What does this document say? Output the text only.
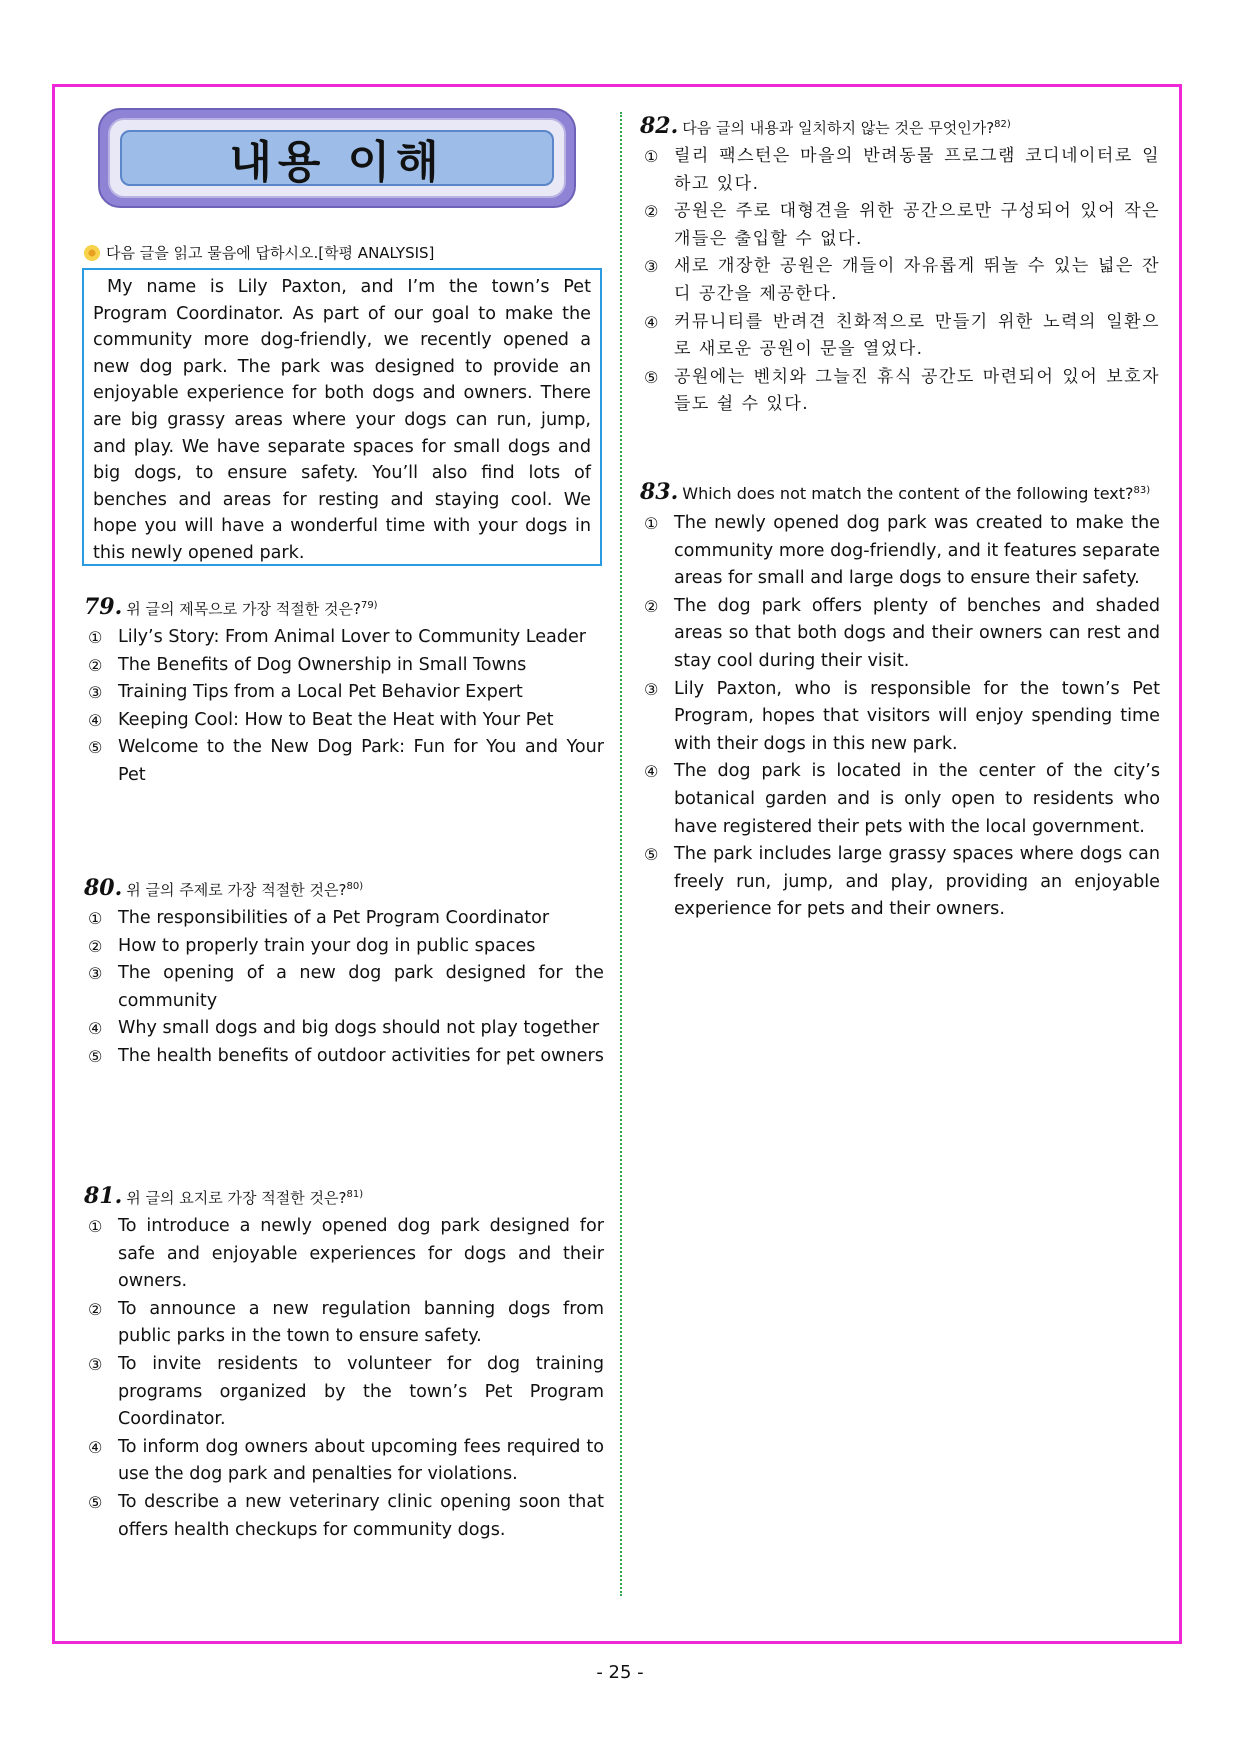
내용 이해
다음 글을 읽고 물음에 답하시오.[학평 ANALYSIS]
My name is Lily Paxton, and I’m the town’s Pet Program Coordinator. As part of our goal to make the community more dog-friendly, we recently opened a new dog park. The park was designed to provide an enjoyable experience for both dogs and owners. There are big grassy areas where your dogs can run, jump, and play. We have separate spaces for small dogs and big dogs, to ensure safety. You’ll also find lots of benches and areas for resting and staying cool. We hope you will have a wonderful time with your dogs in this newly opened park.
79. 위 글의 제목으로 가장 적절한 것은?$^{79)}$
① Lily’s Story: From Animal Lover to Community Leader
② The Benefits of Dog Ownership in Small Towns
③ Training Tips from a Local Pet Behavior Expert
④ Keeping Cool: How to Beat the Heat with Your Pet
⑤ Welcome to the New Dog Park: Fun for You and Your Pet
80. 위 글의 주제로 가장 적절한 것은?$^{80)}$
① The responsibilities of a Pet Program Coordinator
② How to properly train your dog in public spaces
③ The opening of a new dog park designed for the community
④ Why small dogs and big dogs should not play together
⑤ The health benefits of outdoor activities for pet owners
81. 위 글의 요지로 가장 적절한 것은?$^{81)}$
① To introduce a newly opened dog park designed for safe and enjoyable experiences for dogs and their owners.
② To announce a new regulation banning dogs from public parks in the town to ensure safety.
③ To invite residents to volunteer for dog training programs organized by the town’s Pet Program Coordinator.
④ To inform dog owners about upcoming fees required to use the dog park and penalties for violations.
⑤ To describe a new veterinary clinic opening soon that offers health checkups for community dogs.
82. 다음 글의 내용과 일치하지 않는 것은 무엇인가?$^{82)}$
① 릴리 팩스턴은 마을의 반려동물 프로그램 코디네이터로 일하고 있다.
② 공원은 주로 대형견을 위한 공간으로만 구성되어 있어 작은 개들은 출입할 수 없다.
③ 새로 개장한 공원은 개들이 자유롭게 뛰놀 수 있는 넓은 잔디 공간을 제공한다.
④ 커뮤니티를 반려견 친화적으로 만들기 위한 노력의 일환으로 새로운 공원이 문을 열었다.
⑤ 공원에는 벤치와 그늘진 휴식 공간도 마련되어 있어 보호자들도 쉴 수 있다.
83. Which does not match the content of the following text?$^{83)}$
① The newly opened dog park was created to make the community more dog-friendly, and it features separate areas for small and large dogs to ensure their safety.
② The dog park offers plenty of benches and shaded areas so that both dogs and their owners can rest and stay cool during their visit.
③ Lily Paxton, who is responsible for the town’s Pet Program, hopes that visitors will enjoy spending time with their dogs in this new park.
④ The dog park is located in the center of the city’s botanical garden and is only open to residents who have registered their pets with the local government.
⑤ The park includes large grassy spaces where dogs can freely run, jump, and play, providing an enjoyable experience for pets and their owners.
- 25 -
